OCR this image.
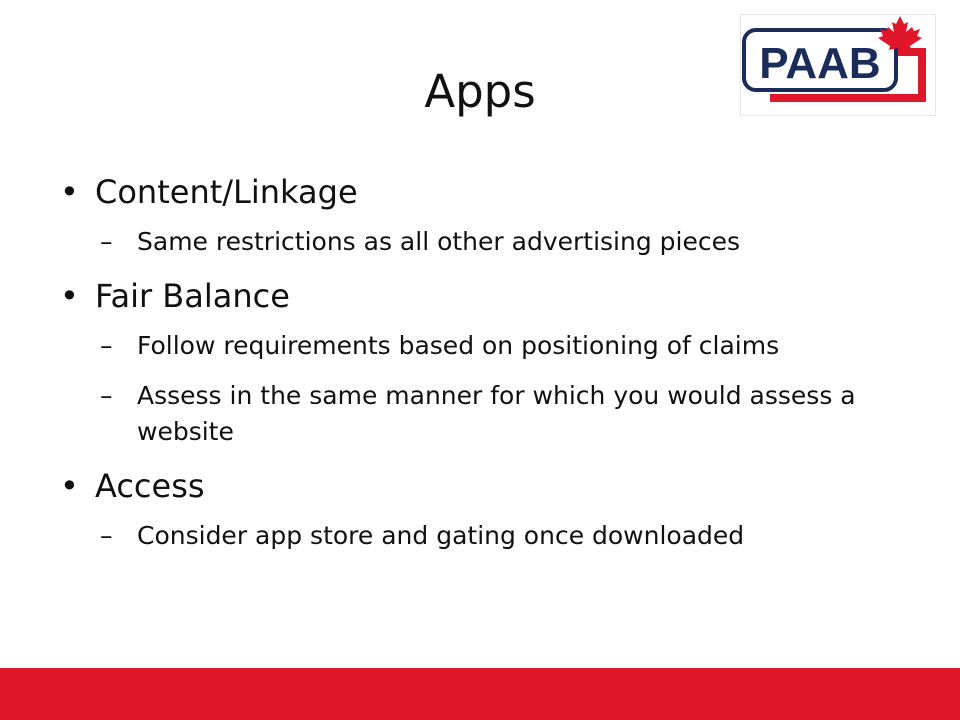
Apps
PAAB
• Content/Linkage
– Same restrictions as all other advertising pieces
• Fair Balance
– Follow requirements based on positioning of claims
– Assess in the same manner for which you would assess a website
• Access
– Consider app store and gating once downloaded
